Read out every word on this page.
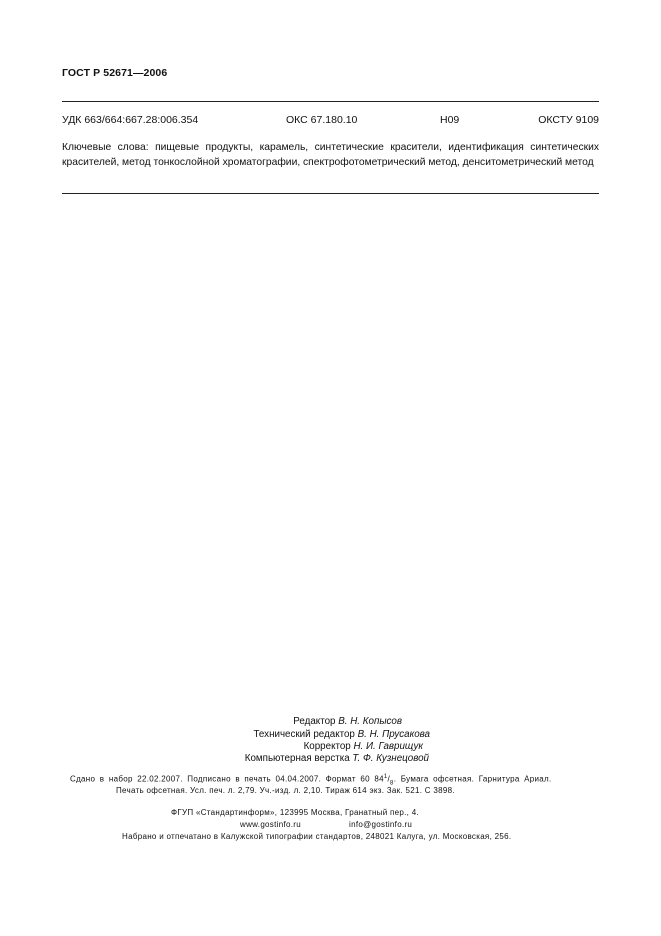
ГОСТ Р 52671—2006
УДК 663/664:667.28:006.354	ОКС 67.180.10	Н09	ОКСТУ 9109
Ключевые слова: пищевые продукты, карамель, синтетические красители, идентификация синтетических красителей, метод тонкослойной хроматографии, спектрофотометрический метод, денситометрический метод
Редактор В. Н. Копысов
Технический редактор В. Н. Прусакова
Корректор Н. И. Гаврищук
Компьютерная верстка Т. Ф. Кузнецовой
Сдано в набор 22.02.2007. Подписано в печать 04.04.2007. Формат 60 $84^1/_8$. Бумага офсетная. Гарнитура Ариал.
Печать офсетная. Усл. печ. л. 2,79. Уч.-изд. л. 2,10. Тираж 614 экз. Зак. 521. С 3898.
ФГУП «Стандартинформ», 123995 Москва, Гранатный пер., 4.
www.gostinfo.ru	info@gostinfo.ru
Набрано и отпечатано в Калужской типографии стандартов, 248021 Калуга, ул. Московская, 256.
